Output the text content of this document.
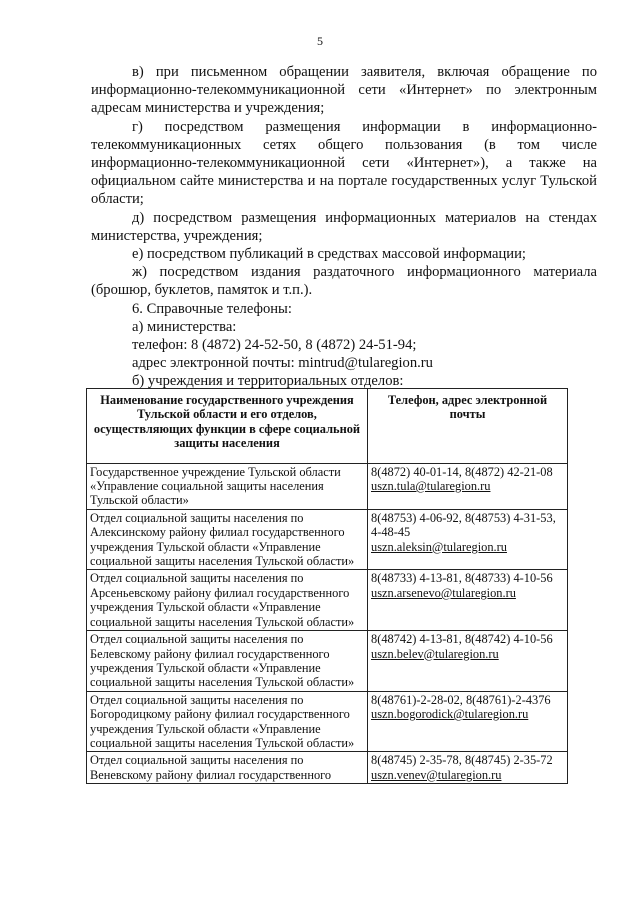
5

в) при письменном обращении заявителя, включая обращение по информационно-телекоммуникационной сети «Интернет» по электронным адресам министерства и учреждения;

г) посредством размещения информации в информационно-телекоммуникационных сетях общего пользования (в том числе информационно-телекоммуникационной сети «Интернет»), а также на официальном сайте министерства и на портале государственных услуг Тульской области;

д) посредством размещения информационных материалов на стендах министерства, учреждения;

е) посредством публикаций в средствах массовой информации;

ж) посредством издания раздаточного информационного материала (брошюр, буклетов, памяток и т.п.).

6. Справочные телефоны:

а) министерства:

телефон: 8 (4872) 24-52-50, 8 (4872) 24-51-94;

адрес электронной почты: mintrud@tularegion.ru

б) учреждения и территориальных отделов:

Наименование государственного учреждения Тульской области и его отделов, осуществляющих функции в сфере социальной защиты населения	Телефон, адрес электронной почты
Государственное учреждение Тульской области «Управление социальной защиты населения Тульской области»	8(4872) 40-01-14, 8(4872) 42-21-08
uszn.tula@tularegion.ru

Отдел социальной защиты населения по Алексинскому району филиал государственного учреждения Тульской области «Управление социальной защиты населения Тульской области»	8(48753) 4-06-92, 8(48753) 4-31-53, 4-48-45
uszn.aleksin@tularegion.ru

Отдел социальной защиты населения по Арсеньевскому району филиал государственного учреждения Тульской области «Управление социальной защиты населения Тульской области»	8(48733) 4-13-81, 8(48733) 4-10-56
uszn.arsenevo@tularegion.ru

Отдел социальной защиты населения по Белевскому району филиал государственного учреждения Тульской области «Управление социальной защиты населения Тульской области»	8(48742) 4-13-81, 8(48742) 4-10-56
uszn.belev@tularegion.ru

Отдел социальной защиты населения по Богородицкому району филиал государственного учреждения Тульской области «Управление социальной защиты населения Тульской области»	8(48761)-2-28-02, 8(48761)-2-4376
uszn.bogorodick@tularegion.ru

Отдел социальной защиты населения по Веневскому району филиал государственного	8(48745) 2-35-78, 8(48745) 2-35-72
uszn.venev@tularegion.ru
